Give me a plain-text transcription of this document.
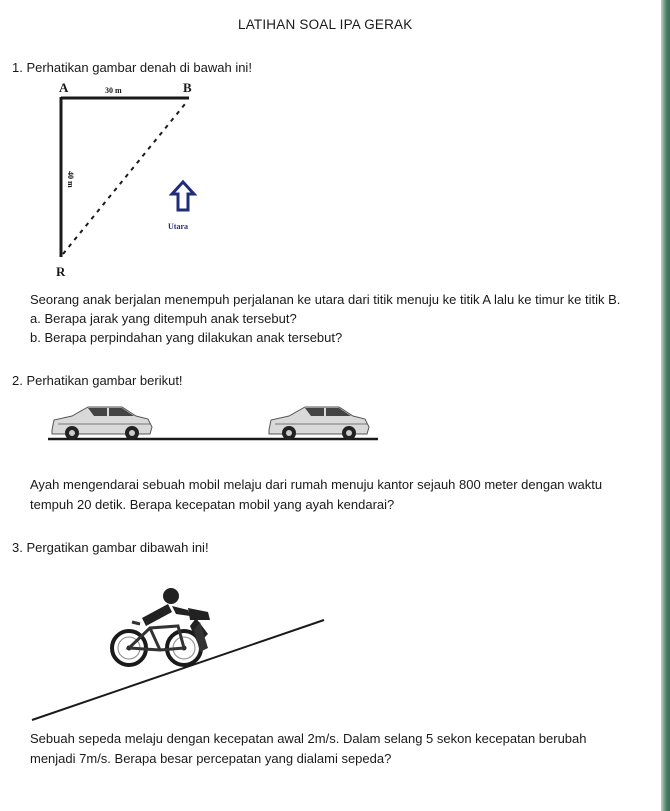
LATIHAN SOAL IPA GERAK
1. Perhatikan gambar denah di bawah ini!
A	B
30 m
40 m
R
Utara
Seorang anak berjalan menempuh perjalanan ke utara dari titik menuju ke titik A lalu ke timur ke titik B.
a. Berapa jarak yang ditempuh anak tersebut?
b. Berapa perpindahan yang dilakukan anak tersebut?
2. Perhatikan gambar berikut!
Ayah mengendarai sebuah mobil melaju dari rumah menuju kantor sejauh 800 meter dengan waktu
tempuh 20 detik. Berapa kecepatan mobil yang ayah kendarai?
3. Pergatikan gambar dibawah ini!
Sebuah sepeda melaju dengan kecepatan awal 2m/s. Dalam selang 5 sekon kecepatan berubah
menjadi 7m/s. Berapa besar percepatan yang dialami sepeda?
